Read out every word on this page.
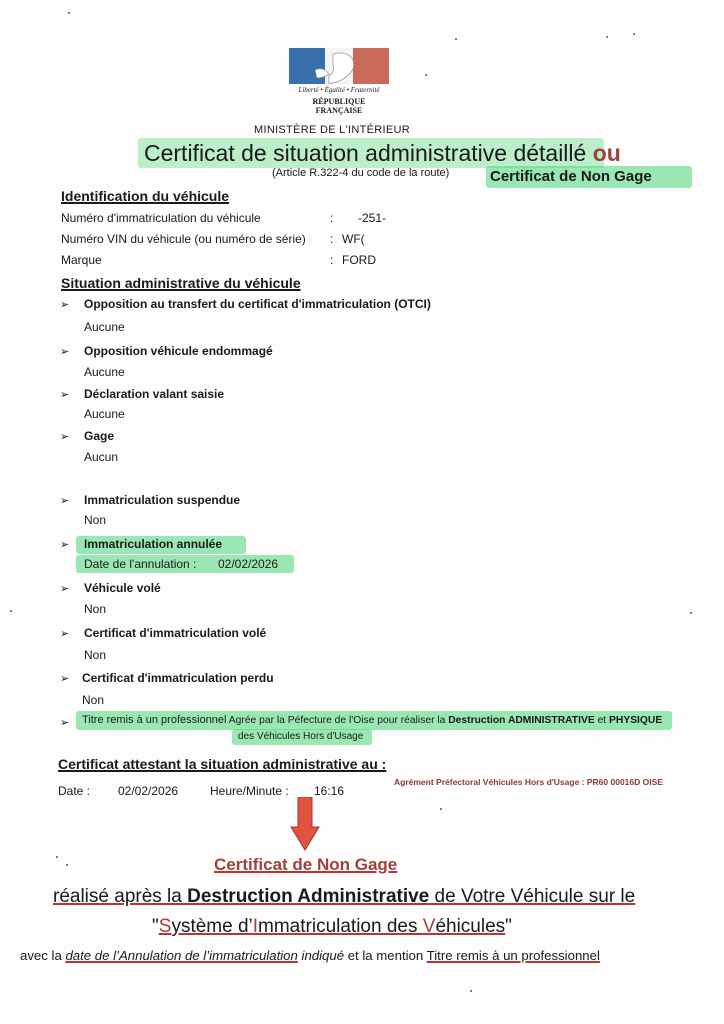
Liberté • Égalité • Fraternité
RÉPUBLIQUE FRANÇAISE
MINISTÈRE DE L'INTÉRIEUR
Certificat de situation administrative détaillé ou
(Article R.322-4 du code de la route)	Certificat de Non Gage
Identification du véhicule
Numéro d'immatriculation du véhicule	: -251-
Numéro VIN du véhicule (ou numéro de série) : WF(
Marque	: FORD
Situation administrative du véhicule
➢ Opposition au transfert du certificat d'immatriculation (OTCI)
Aucune
➢ Opposition véhicule endommagé
Aucune
➢ Déclaration valant saisie
Aucune
➢ Gage
Aucun
➢ Immatriculation suspendue
Non
➢ Immatriculation annulée
Date de l'annulation : 02/02/2026
➢ Véhicule volé
Non
➢ Certificat d'immatriculation volé
Non
➢ Certificat d'immatriculation perdu
Non
➢ Titre remis à un professionnel Agrée par la Péfecture de l'Oise pour réaliser la Destruction ADMINISTRATIVE et PHYSIQUE
des Véhicules Hors d'Usage
Certificat attestant la situation administrative au :
Agrément Préfectoral Véhicules Hors d'Usage : PR60 00016D OISE
Date : 02/02/2026	Heure/Minute : 16:16
Certificat de Non Gage
réalisé après la Destruction Administrative de Votre Véhicule sur le
"Système d’Immatriculation des Véhicules"
avec la date de l’Annulation de l’immatriculation indiqué et la mention Titre remis à un professionnel
